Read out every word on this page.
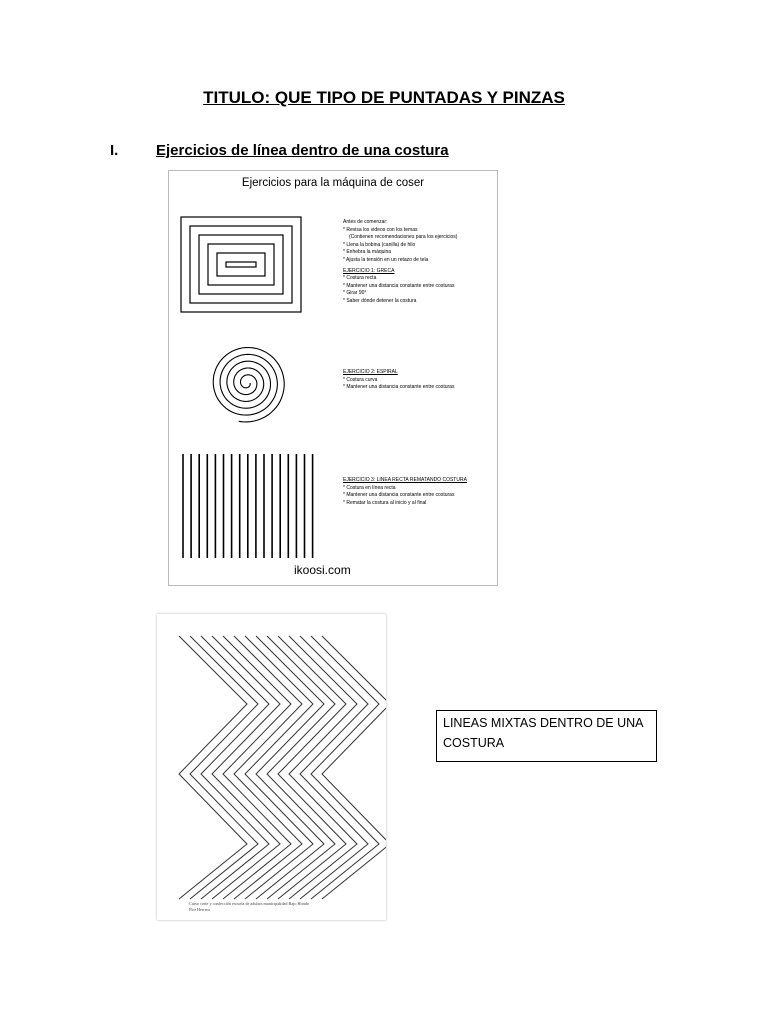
TITULO: QUE TIPO DE PUNTADAS Y PINZAS
I.	Ejercicios de línea dentro de una costura
Ejercicios para la máquina de coser
Antes de comenzar:
* Revisa los videos con los temas
(Contienen recomendaciones para los ejercicios)
* Llena la bobina (canilla) de hilo
* Enhebra la máquina
* Ajusta la tensión en un retazo de tela
EJERCICIO 1: GRECA
* Costura recta
* Mantener una distancia constante entre costuras
* Girar 90°
* Saber dónde detener la costura
EJERCICIO 2: ESPIRAL
* Costura curva
* Mantener una distancia constante entre costuras
EJERCICIO 3: LINEA RECTA REMATANDO COSTURA
* Costura en línea recta
* Mantener una distancia constante entre costuras
* Rematar la costura al inicio y al final
ikoosi.com
Curso corte y confección escuela de adultos municipalidad Bajo Hondo
Flor Herrera
LINEAS MIXTAS DENTRO DE UNA COSTURA
